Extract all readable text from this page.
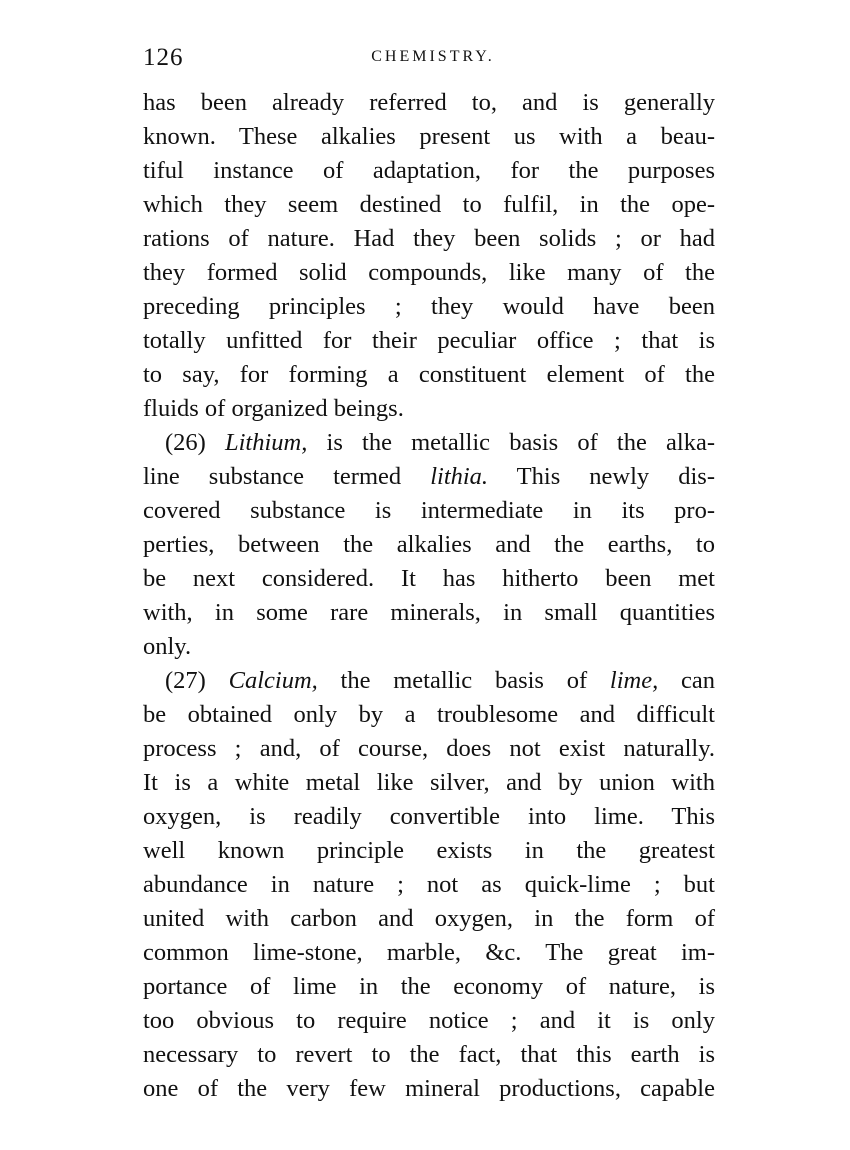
126	CHEMISTRY.
has been already referred to, and is generally
known. These alkalies present us with a beau-
tiful instance of adaptation, for the purposes
which they seem destined to fulfil, in the ope-
rations of nature. Had they been solids ; or had
they formed solid compounds, like many of the
preceding principles ; they would have been
totally unfitted for their peculiar office ; that is
to say, for forming a constituent element of the
fluids of organized beings.
(26) Lithium, is the metallic basis of the alka-
line substance termed lithia. This newly dis-
covered substance is intermediate in its pro-
perties, between the alkalies and the earths, to
be next considered. It has hitherto been met
with, in some rare minerals, in small quantities
only.
(27) Calcium, the metallic basis of lime, can
be obtained only by a troublesome and difficult
process ; and, of course, does not exist naturally.
It is a white metal like silver, and by union with
oxygen, is readily convertible into lime. This
well known principle exists in the greatest
abundance in nature ; not as quick-lime ; but
united with carbon and oxygen, in the form of
common lime-stone, marble, &c. The great im-
portance of lime in the economy of nature, is
too obvious to require notice ; and it is only
necessary to revert to the fact, that this earth is
one of the very few mineral productions, capable
